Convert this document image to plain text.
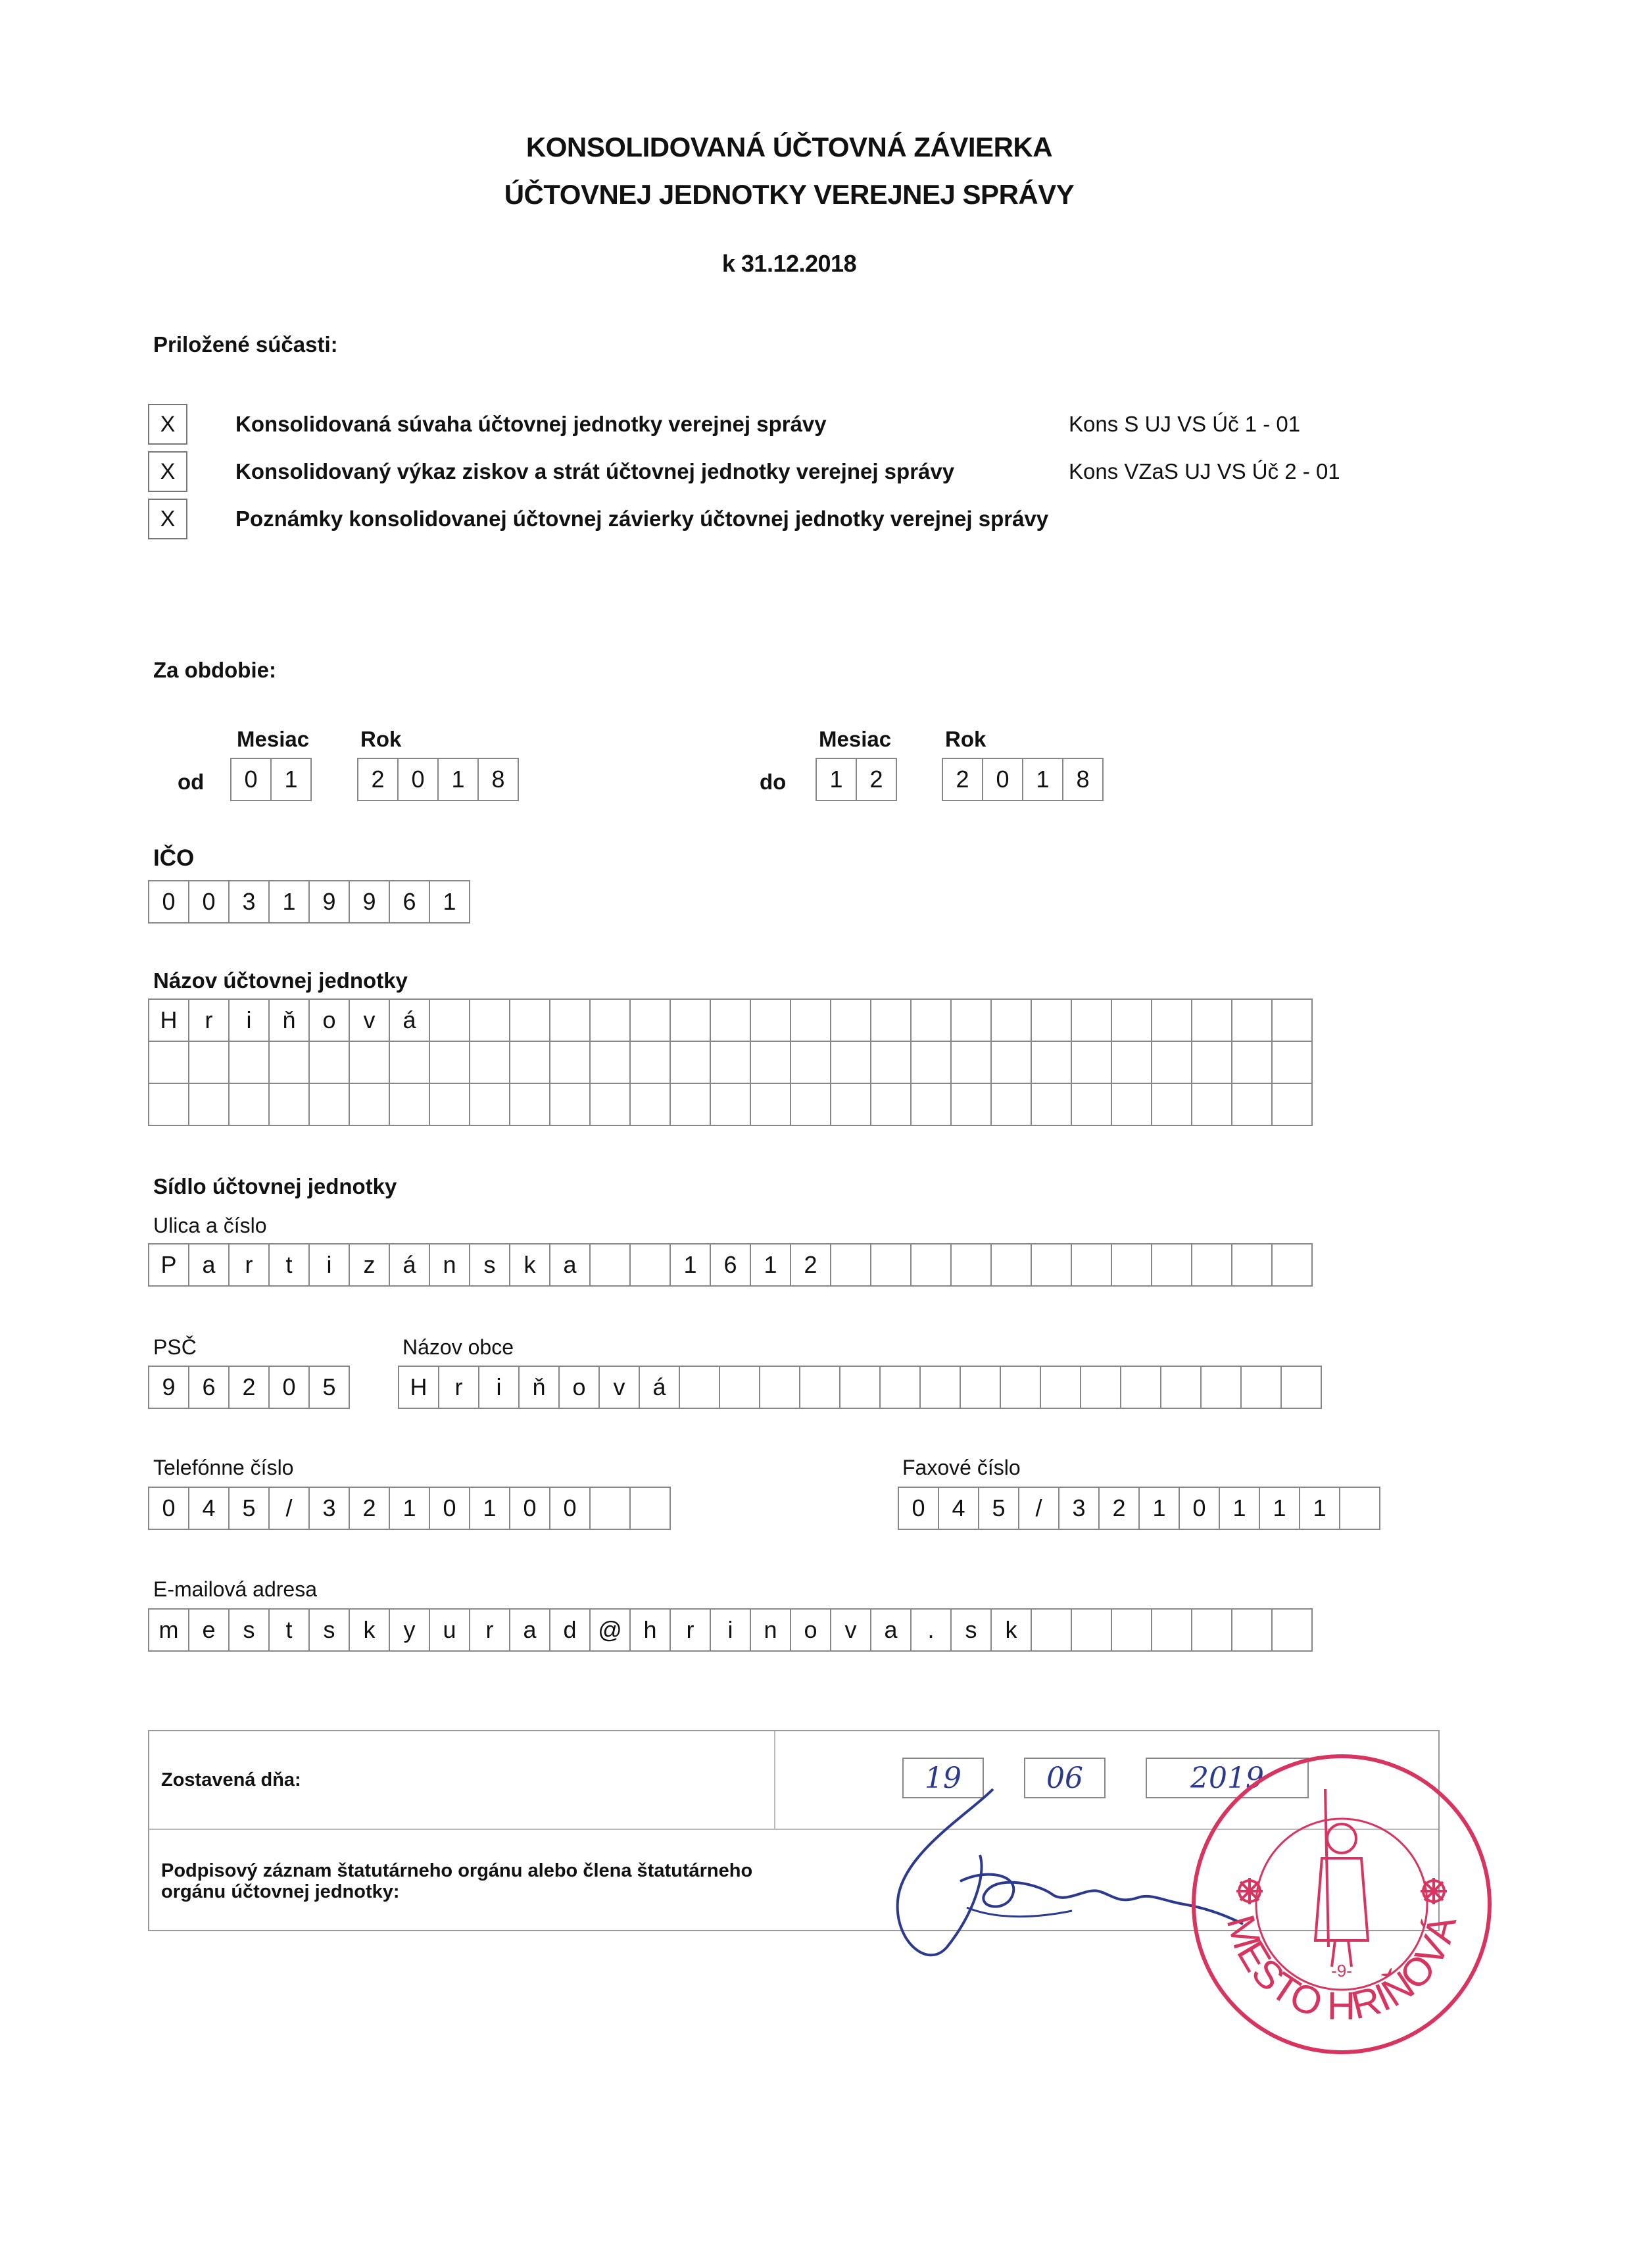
KONSOLIDOVANÁ ÚČTOVNÁ ZÁVIERKA
ÚČTOVNEJ JEDNOTKY VEREJNEJ SPRÁVY
k 31.12.2018
Priložené súčasti:
X	Konsolidovaná súvaha účtovnej jednotky verejnej správy	Kons S UJ VS Úč 1 - 01
X	Konsolidovaný výkaz ziskov a strát účtovnej jednotky verejnej správy	Kons VZaS UJ VS Úč 2 - 01
X	Poznámky konsolidovanej účtovnej závierky účtovnej jednotky verejnej správy
Za obdobie:
Mesiac Rok	Mesiac Rok
od	0	1	2	0	1	8	do	1	2	2	0	1	8
IČO
0	0	3	1	9	9	6	1
Názov účtovnej jednotky
H	r	i	ň	o	v	á
Sídlo účtovnej jednotky
Ulica a číslo
P	a	r	t	i	z	á	n	s	k	a	1	6	1	2
PSČ
9	6	2	0	5
Názov obce
H	r	i	ň	o	v	á
Telefónne číslo
0	4	5	/	3	2	1	0	1	0	0
Faxové číslo
0	4	5	/	3	2	1	0	1	1	1
E-mailová adresa
m e	s	t	s	k	y	u	r	a	d @ h	r	i	n	o	v	a	.	s	k
Zostavená dňa:
Podpisový záznam štatutárneho orgánu alebo člena štatutárneho orgánu účtovnej jednotky:
19	06	2019
MESTO HRIŇOVÁ
-9-
